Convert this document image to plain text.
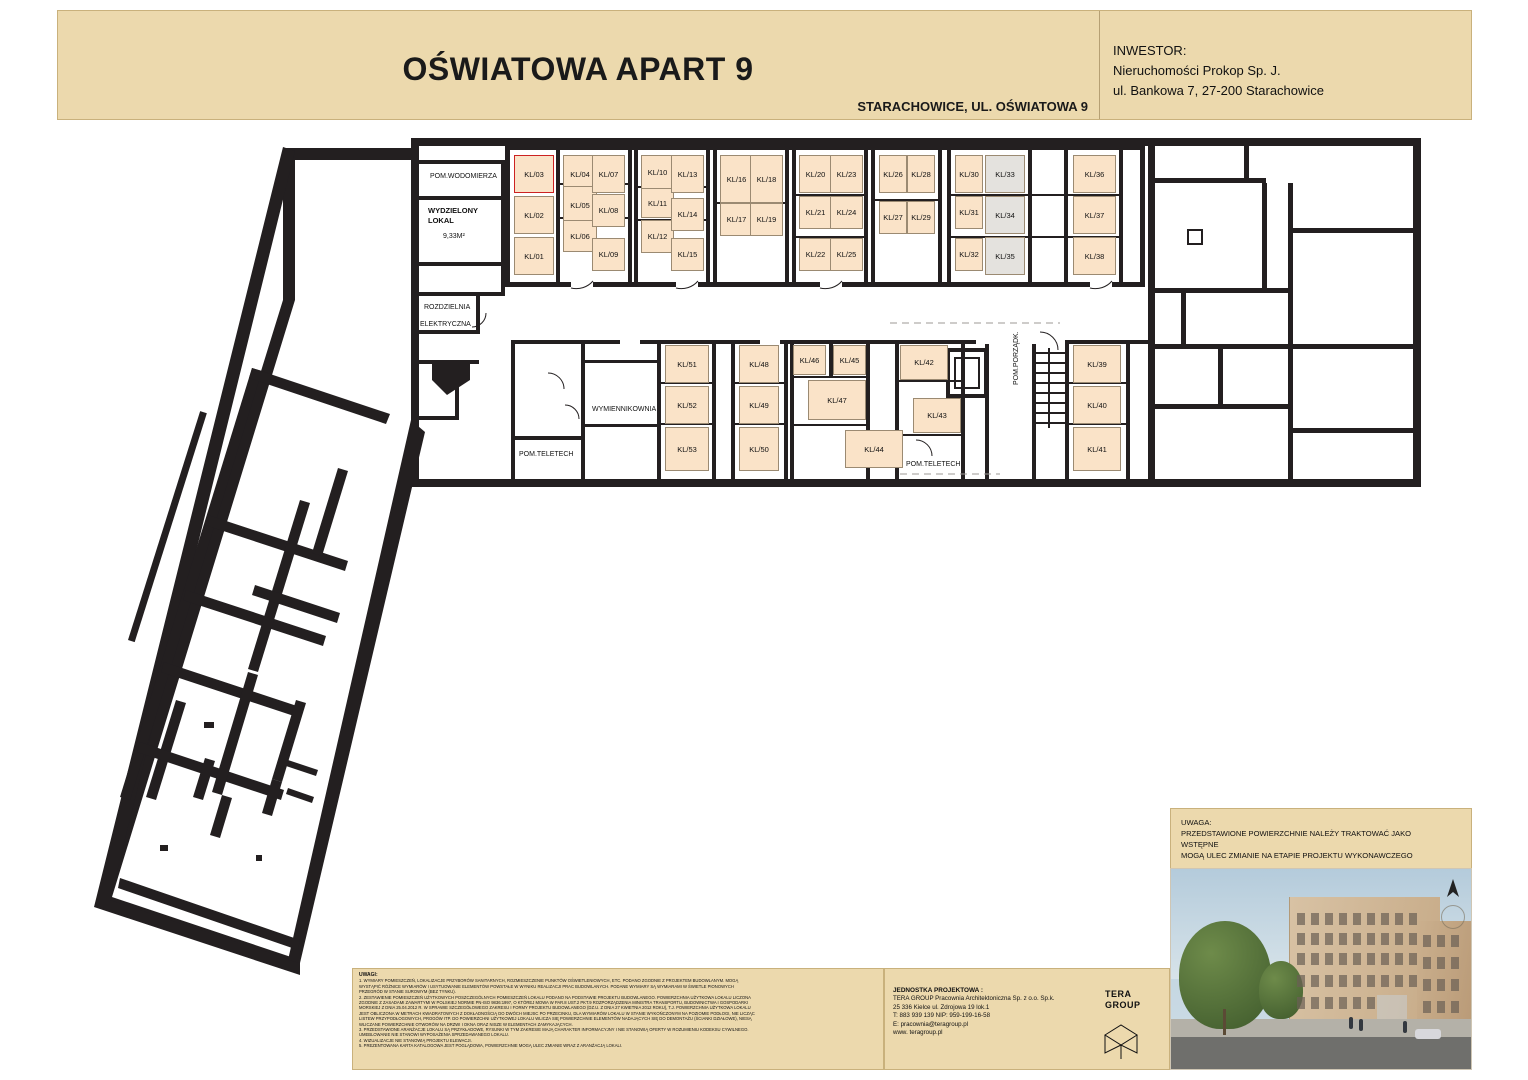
OŚWIATOWA APART 9
STARACHOWICE, UL. OŚWIATOWA 9
INWESTOR:
Nieruchomości Prokop Sp. J.
ul. Bankowa 7, 27-200 Starachowice
KL/03
KL/02
KL/01
KL/04
KL/05
KL/06
KL/07
KL/08
KL/09
KL/10
KL/11
KL/12
KL/13
KL/14
KL/15
KL/16
KL/17
KL/18
KL/19
KL/20
KL/21
KL/22
KL/23
KL/24
KL/25
KL/26
KL/27
KL/28
KL/29
KL/30
KL/31
KL/32
KL/33
KL/34
KL/35
KL/36
KL/37
KL/38
KL/51
KL/52
KL/53
KL/48
KL/49
KL/50
KL/46	KL/45
KL/47
KL/44
KL/42
KL/43
KL/39
KL/40
KL/41
POM.WODOMIERZA
WYDZIELONY
LOKAL
9,33M²
ROZDZIELNIA
ELEKTRYCZNA
WYMIENNIKOWNIA
POM.TELETECH
POM.TELETECH
POM.PORZĄDK.
UWAGI:
1. WYMIARY POMIESZCZEŃ, LOKALIZACJE PRZYBORÓW SANITARNYCH, ROZMIESZCZENIE PUNKTÓW OŚWIETLENIOWYCH, ETC. PODANO ZGODNIE Z PROJEKTEM BUDOWLANYM. MOGĄ
WYSTĄPIĆ RÓŻNICE WYMIARÓW I USYTUOWANIE ELEMENTÓW POWSTAŁE W WYNIKU REALIZACJI PRAC BUDOWLANYCH. PODANE WYMIARY SĄ WYMIARAMI W ŚWIETLE PIONOWYCH
PRZEGRÓD W STANIE SUROWYM (BEZ TYNKU).
2. ZESTAWIENIE POMIESZCZEŃ UŻYTKOWYCH POSZCZEGÓLNYCH POMIESZCZEŃ LOKALU PODANO NA PODSTAWIE PROJEKTU BUDOWLANEGO. POWIERZCHNIA UŻYTKOWA LOKALU LICZONA
ZGODNIE Z ZASADAMI ZAWARTYMI W POLSKIEJ NORMIE PN-ISO 9836:1997, O KTÓREJ MOWA W PAR.8 UST.2 PKT.9 ROZPORZĄDZENIA MINISTRA TRANSPORTU, BUDOWNICTWA I GOSPODARKI
MORSKIEJ Z DNIA 25.04.2012 R. W SPRAWIE SZCZEGÓŁOWEGO ZAKRESU I FORMY PROJEKTU BUDOWLANEGO (DZ.U. Z DNIA 27 KWIETNIA 2012 ROKU), T.J. POWIERZCHNIA UŻYTKOWA LOKALU
JEST OBLICZONA W METRACH KWADRATOWYCH Z DOKŁADNOŚCIĄ DO DWÓCH MIEJSC PO PRZECINKU, DLA WYMIARÓW LOKALU W STANIE WYKOŃCZONYM NA POZIOMIE PODŁOGI, NIE LICZĄC
LISTEW PRZYPODŁOGOWYCH, PROGÓW ITP. DO POWIERZCHNI UŻYTKOWEJ LOKALU WLICZA SIĘ POWIERZCHNIE ELEMENTÓW NADAJĄCYCH SIĘ DO DEMONTAŻU (ŚCIANKI DZIAŁOWE), NIESĄ
WLICZANE POWIERZCHNIE OTWORÓW NA DRZWI I OKNA ORAZ NISZE W ELEMENTACH ZAMYKAJĄCYCH.
3. PRZEDSTAWIONE ARANŻACJE LOKALU SĄ PRZYKŁADOWE, RYSUNKI W TYM ZAKRESIE MAJĄ CHARAKTER INFORMACYJNY I NIE STANOWIĄ OFERTY W ROZUMIENIU KODEKSU CYWILNEGO.
UMEBLOWANIE NIE STANOWI WYPOSAŻENIA SPRZEDAWANEGO LOKALU.
4. WIZUALIZACJE NIE STANOWIĄ PROJEKTU ELEWACJI.
5. PREZENTOWANA KARTA KATALOGOWA JEST POGLĄDOWA, POWIERZCHNIE MOGĄ ULEC ZMIANIE WRAZ Z ARANŻACJĄ LOKALI.
JEDNOSTKA PROJEKTOWA :
TERA GROUP Pracownia Architektoniczna Sp. z o.o. Sp.k.
25 336 Kielce ul. Zdrojowa 19 lok.1
T: 883 939 139 NIP: 959-199-16-58
E: pracownia@teragroup.pl
www. teragroup.pl
TERA
GROUP
UWAGA:
PRZEDSTAWIONE POWIERZCHNIE NALEŻY TRAKTOWAĆ JAKO
WSTĘPNE
MOGĄ ULEC ZMIANIE NA ETAPIE PROJEKTU WYKONAWCZEGO
